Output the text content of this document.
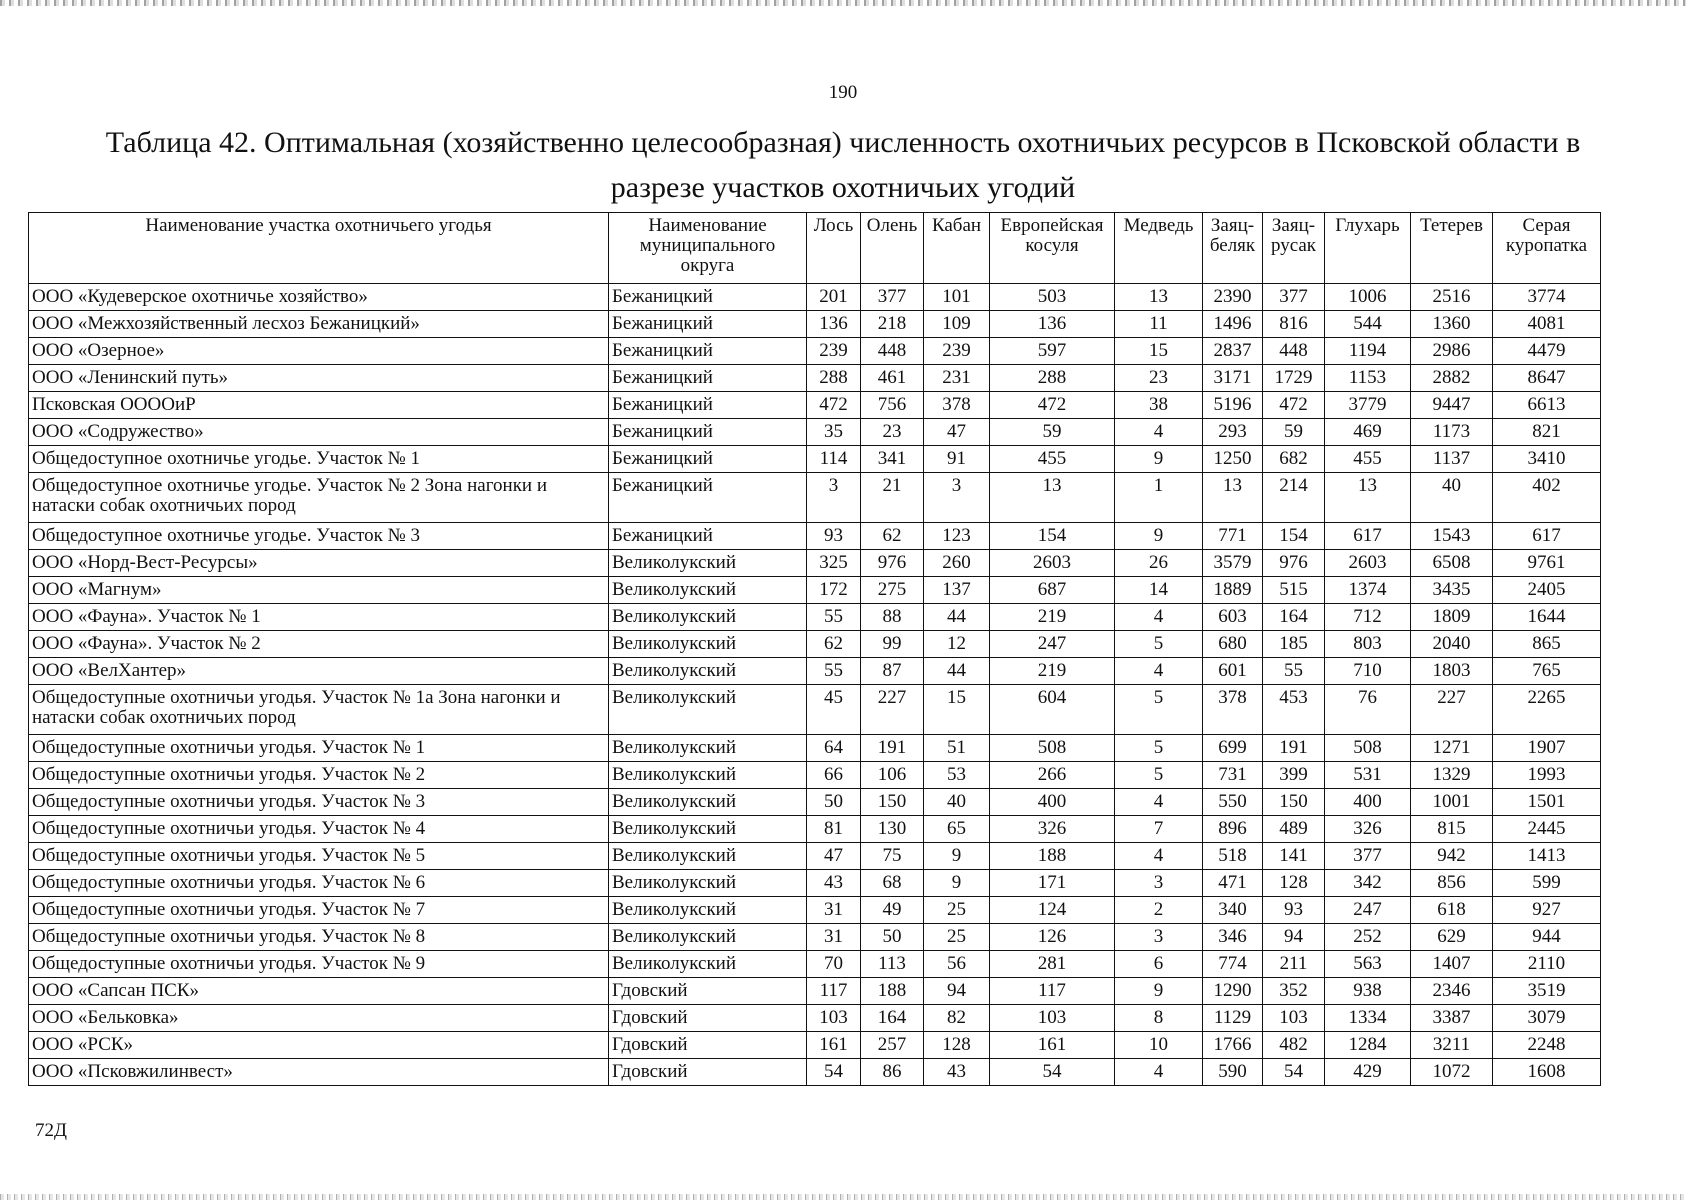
190
Таблица 42. Оптимальная (хозяйственно целесообразная) численность охотничьих ресурсов в Псковской области в
разрезе участков охотничьих угодий
Наименование участка охотничьего угодья	Наименование муниципального округа	Лось	Олень	Кабан	Европейская косуля	Медведь	Заяц-беляк	Заяц-русак	Глухарь	Тетерев	Серая куропатка
ООО «Кудеверское охотничье хозяйство»	Бежаницкий	201	377	101	503	13	2390	377	1006	2516	3774
ООО «Межхозяйственный лесхоз Бежаницкий»	Бежаницкий	136	218	109	136	11	1496	816	544	1360	4081
ООО «Озерное»	Бежаницкий	239	448	239	597	15	2837	448	1194	2986	4479
ООО «Ленинский путь»	Бежаницкий	288	461	231	288	23	3171	1729	1153	2882	8647
Псковская ООООиР	Бежаницкий	472	756	378	472	38	5196	472	3779	9447	6613
ООО «Содружество»	Бежаницкий	35	23	47	59	4	293	59	469	1173	821
Общедоступное охотничье угодье. Участок № 1	Бежаницкий	114	341	91	455	9	1250	682	455	1137	3410
Общедоступное охотничье угодье. Участок № 2 Зона нагонки и натаски собак охотничьих пород	Бежаницкий	3	21	3	13	1	13	214	13	40	402
Общедоступное охотничье угодье. Участок № 3	Бежаницкий	93	62	123	154	9	771	154	617	1543	617
ООО «Норд-Вест-Ресурсы»	Великолукский	325	976	260	2603	26	3579	976	2603	6508	9761
ООО «Магнум»	Великолукский	172	275	137	687	14	1889	515	1374	3435	2405
ООО «Фауна». Участок № 1	Великолукский	55	88	44	219	4	603	164	712	1809	1644
ООО «Фауна». Участок № 2	Великолукский	62	99	12	247	5	680	185	803	2040	865
ООО «ВелХантер»	Великолукский	55	87	44	219	4	601	55	710	1803	765
Общедоступные охотничьи угодья. Участок № 1а Зона нагонки и натаски собак охотничьих пород	Великолукский	45	227	15	604	5	378	453	76	227	2265
Общедоступные охотничьи угодья. Участок № 1	Великолукский	64	191	51	508	5	699	191	508	1271	1907
Общедоступные охотничьи угодья. Участок № 2	Великолукский	66	106	53	266	5	731	399	531	1329	1993
Общедоступные охотничьи угодья. Участок № 3	Великолукский	50	150	40	400	4	550	150	400	1001	1501
Общедоступные охотничьи угодья. Участок № 4	Великолукский	81	130	65	326	7	896	489	326	815	2445
Общедоступные охотничьи угодья. Участок № 5	Великолукский	47	75	9	188	4	518	141	377	942	1413
Общедоступные охотничьи угодья. Участок № 6	Великолукский	43	68	9	171	3	471	128	342	856	599
Общедоступные охотничьи угодья. Участок № 7	Великолукский	31	49	25	124	2	340	93	247	618	927
Общедоступные охотничьи угодья. Участок № 8	Великолукский	31	50	25	126	3	346	94	252	629	944
Общедоступные охотничьи угодья. Участок № 9	Великолукский	70	113	56	281	6	774	211	563	1407	2110
ООО «Сапсан ПСК»	Гдовский	117	188	94	117	9	1290	352	938	2346	3519
ООО «Бельковка»	Гдовский	103	164	82	103	8	1129	103	1334	3387	3079
ООО «РСК»	Гдовский	161	257	128	161	10	1766	482	1284	3211	2248
ООО «Псковжилинвест»	Гдовский	54	86	43	54	4	590	54	429	1072	1608
72Д
